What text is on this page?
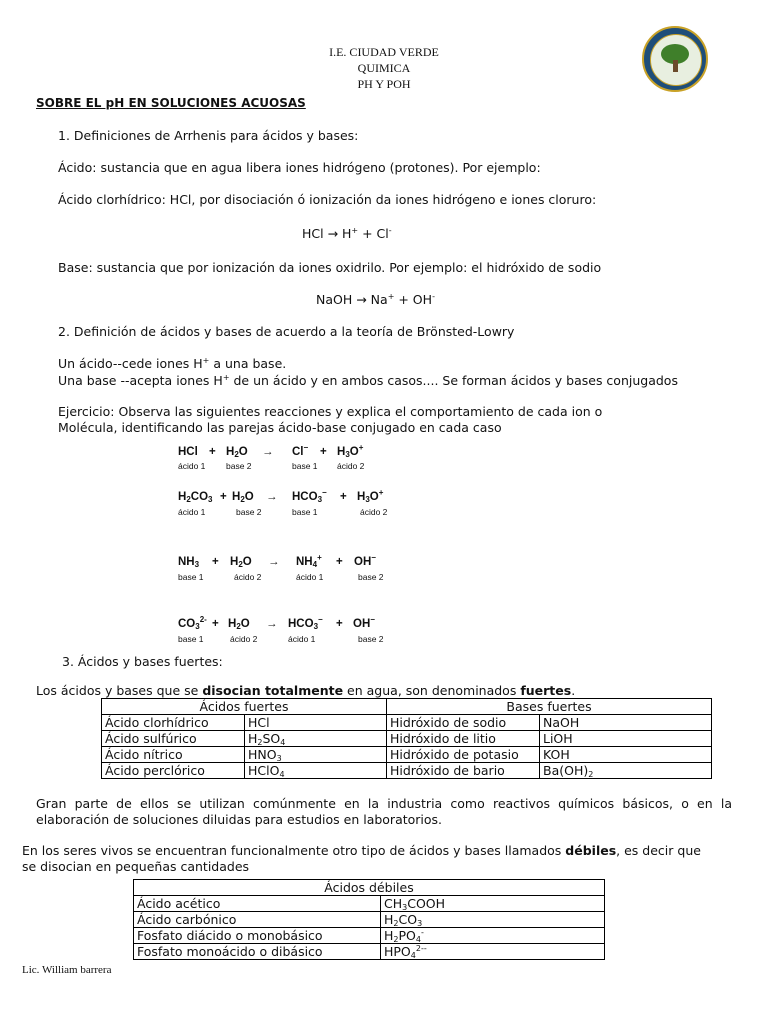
I.E. CIUDAD VERDE
QUIMICA
PH Y POH
SOBRE EL pH EN SOLUCIONES ACUOSAS
1. Definiciones de Arrhenis para ácidos y bases:
Ácido: sustancia que en agua libera iones hidrógeno (protones). Por ejemplo:
Ácido clorhídrico: HCl, por disociación ó ionización da iones hidrógeno e iones cloruro:
HCl → H+ + Cl-
Base: sustancia que por ionización da iones oxidrilo. Por ejemplo: el hidróxido de sodio
NaOH → Na+ + OH-
2. Definición de ácidos y bases de acuerdo a la teoría de Brönsted-Lowry
Un ácido--cede iones H+ a una base.
Una base --acepta iones H+ de un ácido y en ambos casos.... Se forman ácidos y bases conjugados
Ejercicio: Observa las siguientes reacciones y explica el comportamiento de cada ion o
Molécula, identificando las parejas ácido-base conjugado en cada caso
HCl + $H_2O \to Cl^- + H_3O^+$
ácido 1 base 2	base 1 ácido 2
$H_2CO_3 + H_2O \to HCO_3^- + H_3O^+$
ácido 1	base 2	base 1	ácido 2
$NH_3 + H_2O \to NH_4^+ + OH^-$
base 1	ácido 2	ácido 1	base 2
$CO_3^{2-} + H_2O \to HCO_3^- + OH^-$
base 1	ácido 2	ácido 1	base 2
3. Ácidos y bases fuertes:
Los ácidos y bases que se disocian totalmente en agua, son denominados fuertes.
Ácidos fuertes		Bases fuertes	
Ácido clorhídrico	HCl	Hidróxido de sodio	NaOH
Ácido sulfúrico	$H_2SO_4$	Hidróxido de litio	LiOH
Ácido nítrico	$HNO_3$	Hidróxido de potasio	KOH
Ácido perclórico	HClO$_4$	Hidróxido de bario	$Ba(OH)_2$
Gran parte de ellos se utilizan comúnmente en la industria como reactivos químicos básicos, o en la
elaboración de soluciones diluidas para estudios en laboratorios.
En los seres vivos se encuentran funcionalmente otro tipo de ácidos y bases llamados débiles, es decir que
se disocian en pequeñas cantidades
Ácidos débiles	
Ácido acético	$CH_3COOH$
Ácido carbónico	$H_2CO_3$
Fosfato diácido o monobásico	$H_2PO_4^-$
Fosfato monoácido o dibásico	$HPO_4^{2--}$
Lic. William barrera
